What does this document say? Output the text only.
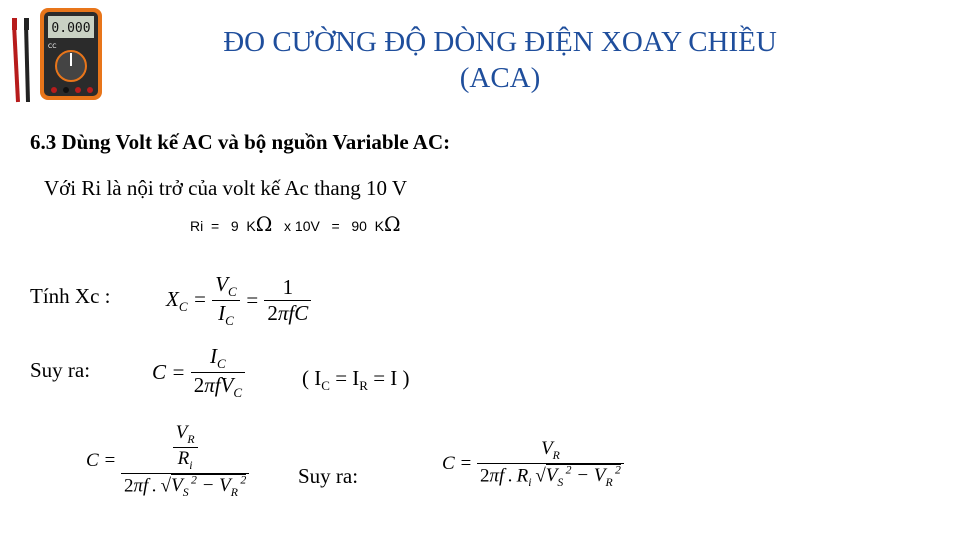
0.000
CC	ĐO CƯỜNG ĐỘ DÒNG ĐIỆN XOAY CHIỀU
(ACA)
6.3 Dùng Volt kế AC và bộ nguồn Variable AC:
Với Ri là nội trở của volt kế Ac thang 10 V
Ri  =   9  KΩ x 10V   =   90  KΩ
Tính Xc :	$X_C = \frac{V_C}{I_C} = \frac{1}{\text{2πfC}}$
Suy ra:	$C = \frac{I_C}{2\pi fV_C}$	( $I_C = I_R = I$ )
$C = \frac{\frac{V_R}{R_i}}{2\pi f . √V_S ^2 - V_R ^2}$ Suy ra:
$C = \frac{V_R}{2\pi f . R_i √V_S ^2 - V_R ^2}$
